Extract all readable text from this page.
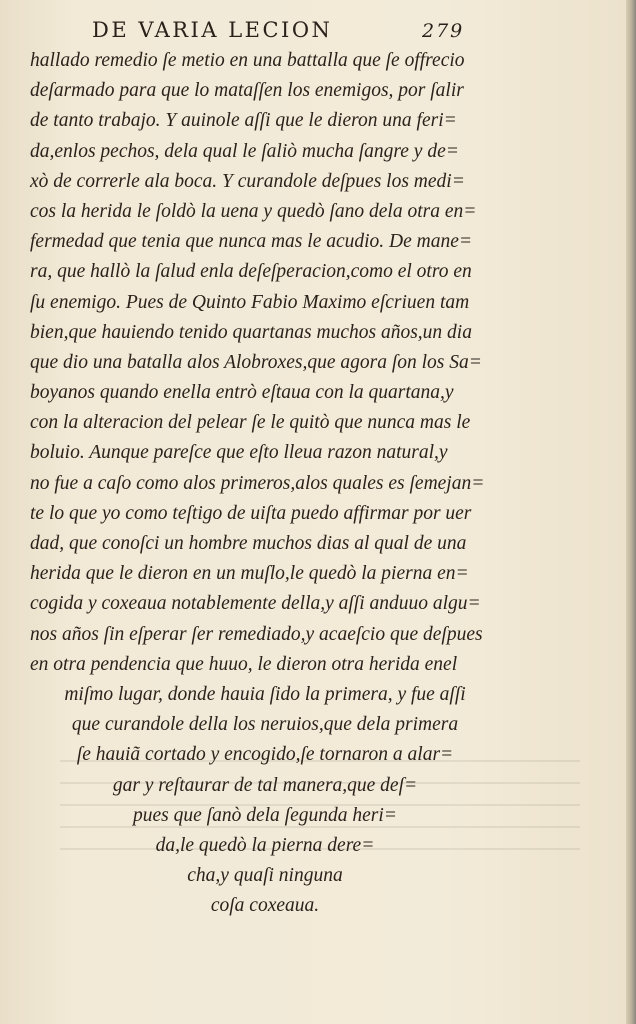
DE VARIA LECION	279
hallado remedio ſe metio en una battalla que ſe offrecio
deſarmado para que lo mataſſen los enemigos, por ſalir
de tanto trabajo. Y auinole aſſi que le dieron una feri=
da,enlos pechos, dela qual le ſaliò mucha ſangre y de=
xò de correrle ala boca. Y curandole deſpues los medi=
cos la herida le ſoldò la uena y quedò ſano dela otra en=
fermedad que tenia que nunca mas le acudio. De mane=
ra, que hallò la ſalud enla deſeſperacion,como el otro en
ſu enemigo. Pues de Quinto Fabio Maximo eſcriuen tam
bien,que hauiendo tenido quartanas muchos años,un dia
que dio una batalla alos Alobroxes,que agora ſon los Sa=
boyanos quando enella entrò eſtaua con la quartana,y
con la alteracion del pelear ſe le quitò que nunca mas le
boluio. Aunque pareſce que eſto lleua razon natural,y
no fue a caſo como alos primeros,alos quales es ſemejan=
te lo que yo como teſtigo de uiſta puedo affirmar por uer
dad, que conoſci un hombre muchos dias al qual de una
herida que le dieron en un muſlo,le quedò la pierna en=
cogida y coxeaua notablemente della,y aſſi anduuo algu=
nos años ſin eſperar ſer remediado,y acaeſcio que deſpues
en otra pendencia que huuo, le dieron otra herida enel
miſmo lugar, donde hauia ſido la primera, y fue aſſi
que curandole della los neruios,que dela primera
ſe hauiã cortado y encogido,ſe tornaron a alar=
gar y reſtaurar de tal manera,que deſ=
pues que ſanò dela ſegunda heri=
da,le quedò la pierna dere=
cha,y quaſi ninguna
coſa coxeaua.
